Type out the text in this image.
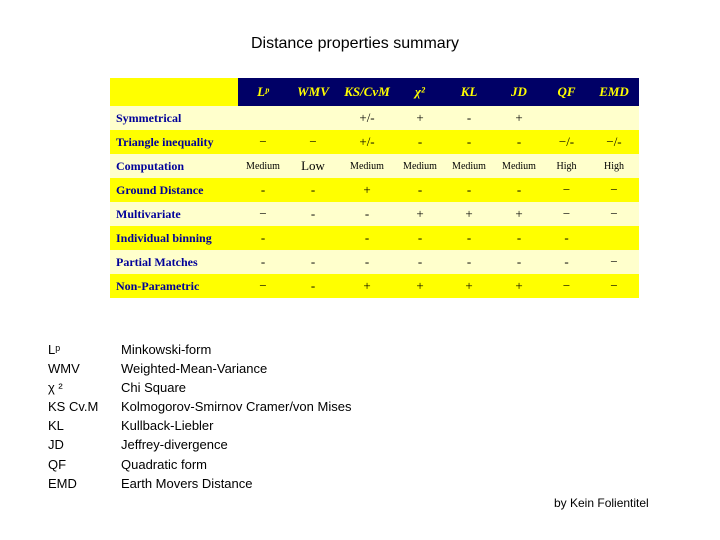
Distance properties summary
	Lᵖ	WMV	KS/CvM	χ²	KL	JD	QF	EMD
Symmetrical			+/-	+	-	+		
Triangle inequality	−	−	+/-	-	-	-	−/-	−/-
Computation	Medium	Low	Medium	Medium	Medium	Medium	High	High
Ground Distance	-	-	+	-	-	-	−	−
Multivariate	−	-	-	+	+	+	−	−
Individual binning	-		-	-	-	-	-	
Partial Matches	-	-	-	-	-	-	-	−
Non-Parametric	−	-	+	+	+	+	−	−
Lᵖ	Minkowski-form
WMV	Weighted-Mean-Variance
χ ²	Chi Square
KS Cv.M	Kolmogorov-Smirnov Cramer/von Mises
KL	Kullback-Liebler
JD	Jeffrey-divergence
QF	Quadratic form
EMD	Earth Movers Distance
by Kein Folientitel
